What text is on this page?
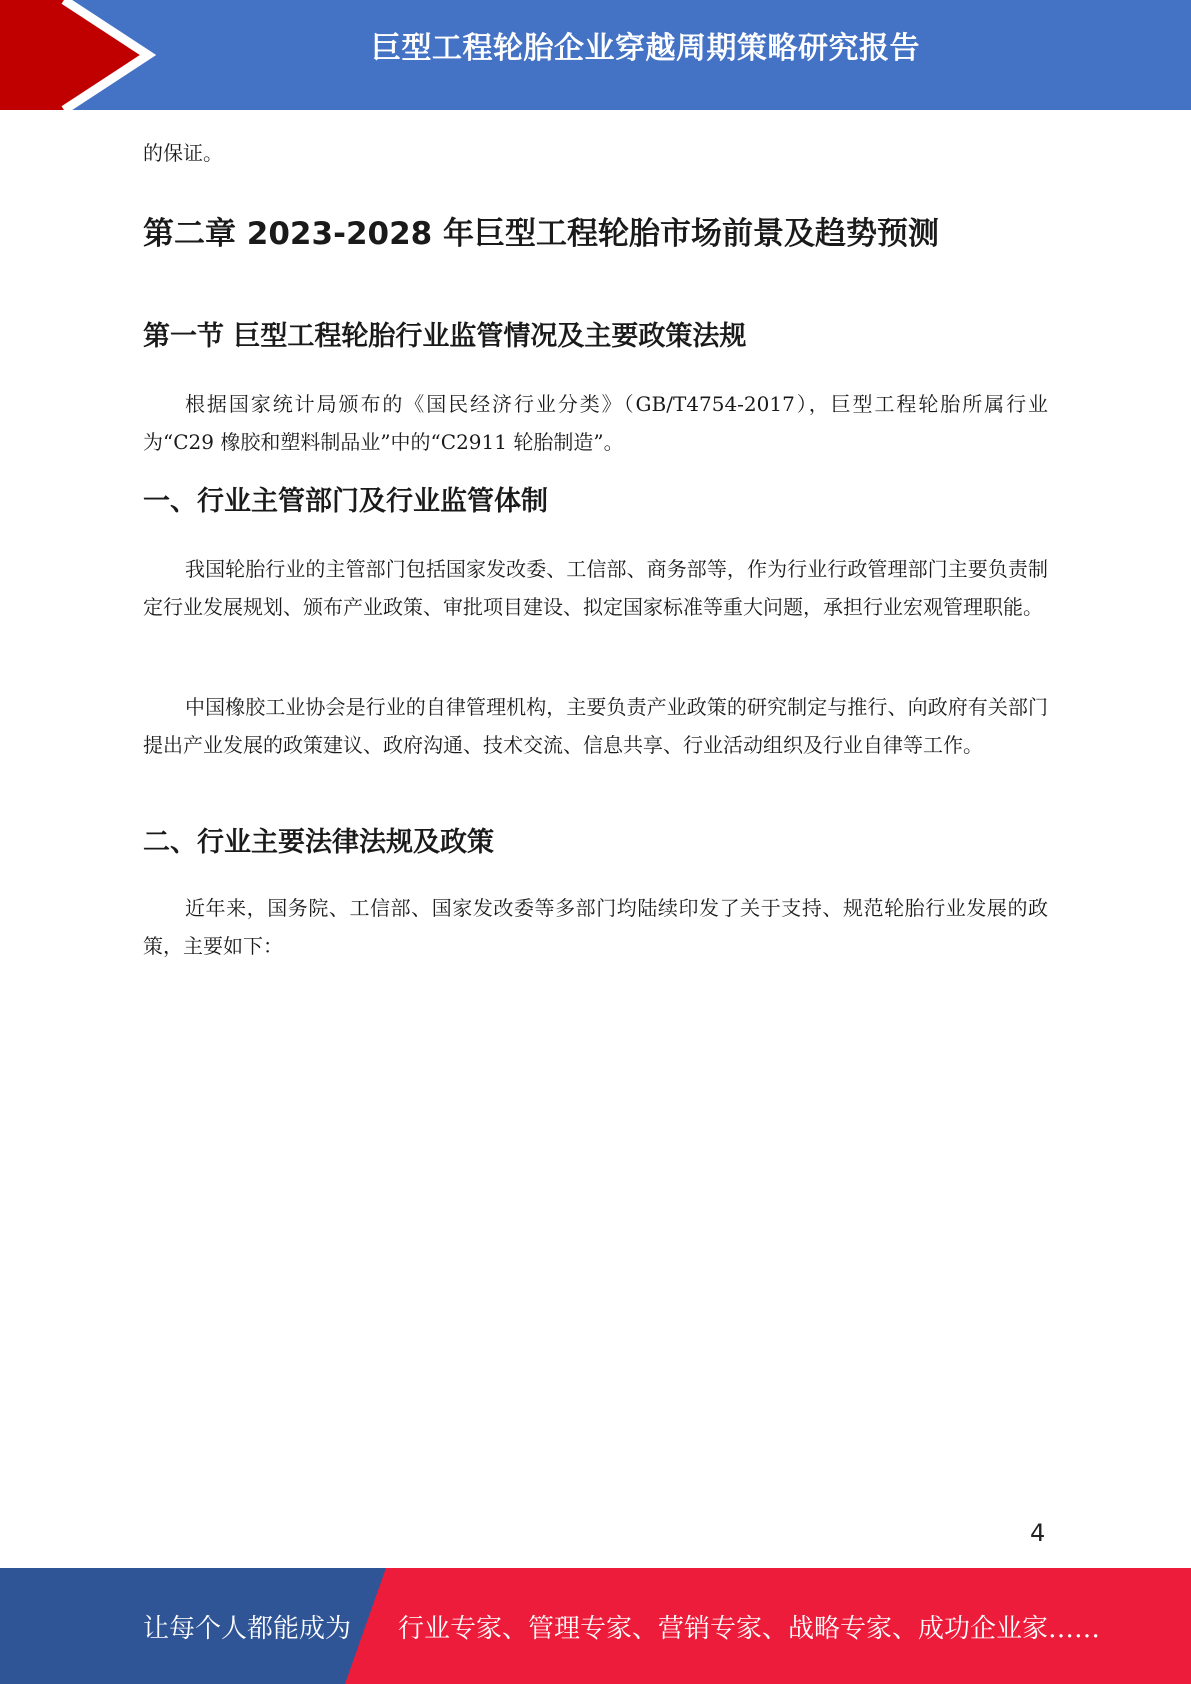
巨型工程轮胎企业穿越周期策略研究报告

的保证。

第二章 2023-2028 年巨型工程轮胎市场前景及趋势预测
第一节 巨型工程轮胎行业监管情况及主要政策法规

根据国家统计局颁布的《国民经济行业分类》（GB/T4754-2017），巨型工程轮胎所属行业为“C29 橡胶和塑料制品业”中的“C2911 轮胎制造”。

一、行业主管部门及行业监管体制

我国轮胎行业的主管部门包括国家发改委、工信部、商务部等，作为行业行政管理部门主要负责制定行业发展规划、颁布产业政策、审批项目建设、拟定国家标准等重大问题，承担行业宏观管理职能。

中国橡胶工业协会是行业的自律管理机构，主要负责产业政策的研究制定与推行、向政府有关部门提出产业发展的政策建议、政府沟通、技术交流、信息共享、行业活动组织及行业自律等工作。

二、行业主要法律法规及政策

近年来，国务院、工信部、国家发改委等多部门均陆续印发了关于支持、规范轮胎行业发展的政策，主要如下：

4
让每个人都能成为 行业专家、管理专家、营销专家、战略专家、成功企业家……
